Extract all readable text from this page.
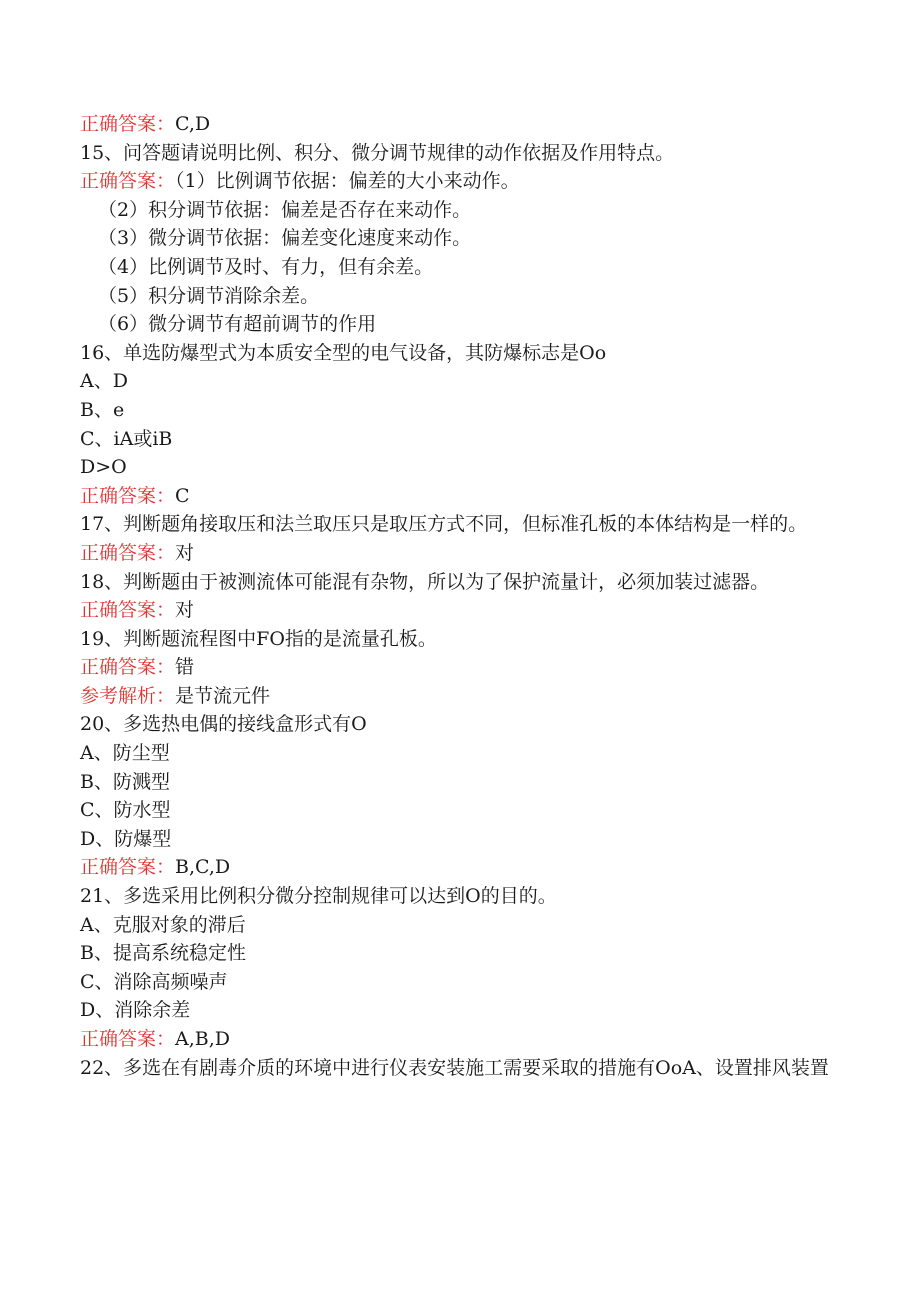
正确答案：C,D
15、问答题请说明比例、积分、微分调节规律的动作依据及作用特点。
正确答案：（1）比例调节依据：偏差的大小来动作。
（2）积分调节依据：偏差是否存在来动作。
（3）微分调节依据：偏差变化速度来动作。
（4）比例调节及时、有力，但有余差。
（5）积分调节消除余差。
（6）微分调节有超前调节的作用
16、单选防爆型式为本质安全型的电气设备，其防爆标志是Oo
A、D
B、e
C、iA或iB
D>O
正确答案：C
17、判断题角接取压和法兰取压只是取压方式不同，但标准孔板的本体结构是一样的。
正确答案：对
18、判断题由于被测流体可能混有杂物，所以为了保护流量计，必须加装过滤器。
正确答案：对
19、判断题流程图中FO指的是流量孔板。
正确答案：错
参考解析：是节流元件
20、多选热电偶的接线盒形式有O
A、防尘型
B、防溅型
C、防水型
D、防爆型
正确答案：B,C,D
21、多选采用比例积分微分控制规律可以达到O的目的。
A、克服对象的滞后
B、提高系统稳定性
C、消除高频噪声
D、消除余差
正确答案：A,B,D
22、多选在有剧毒介质的环境中进行仪表安装施工需要采取的措施有OoA、设置排风装置
